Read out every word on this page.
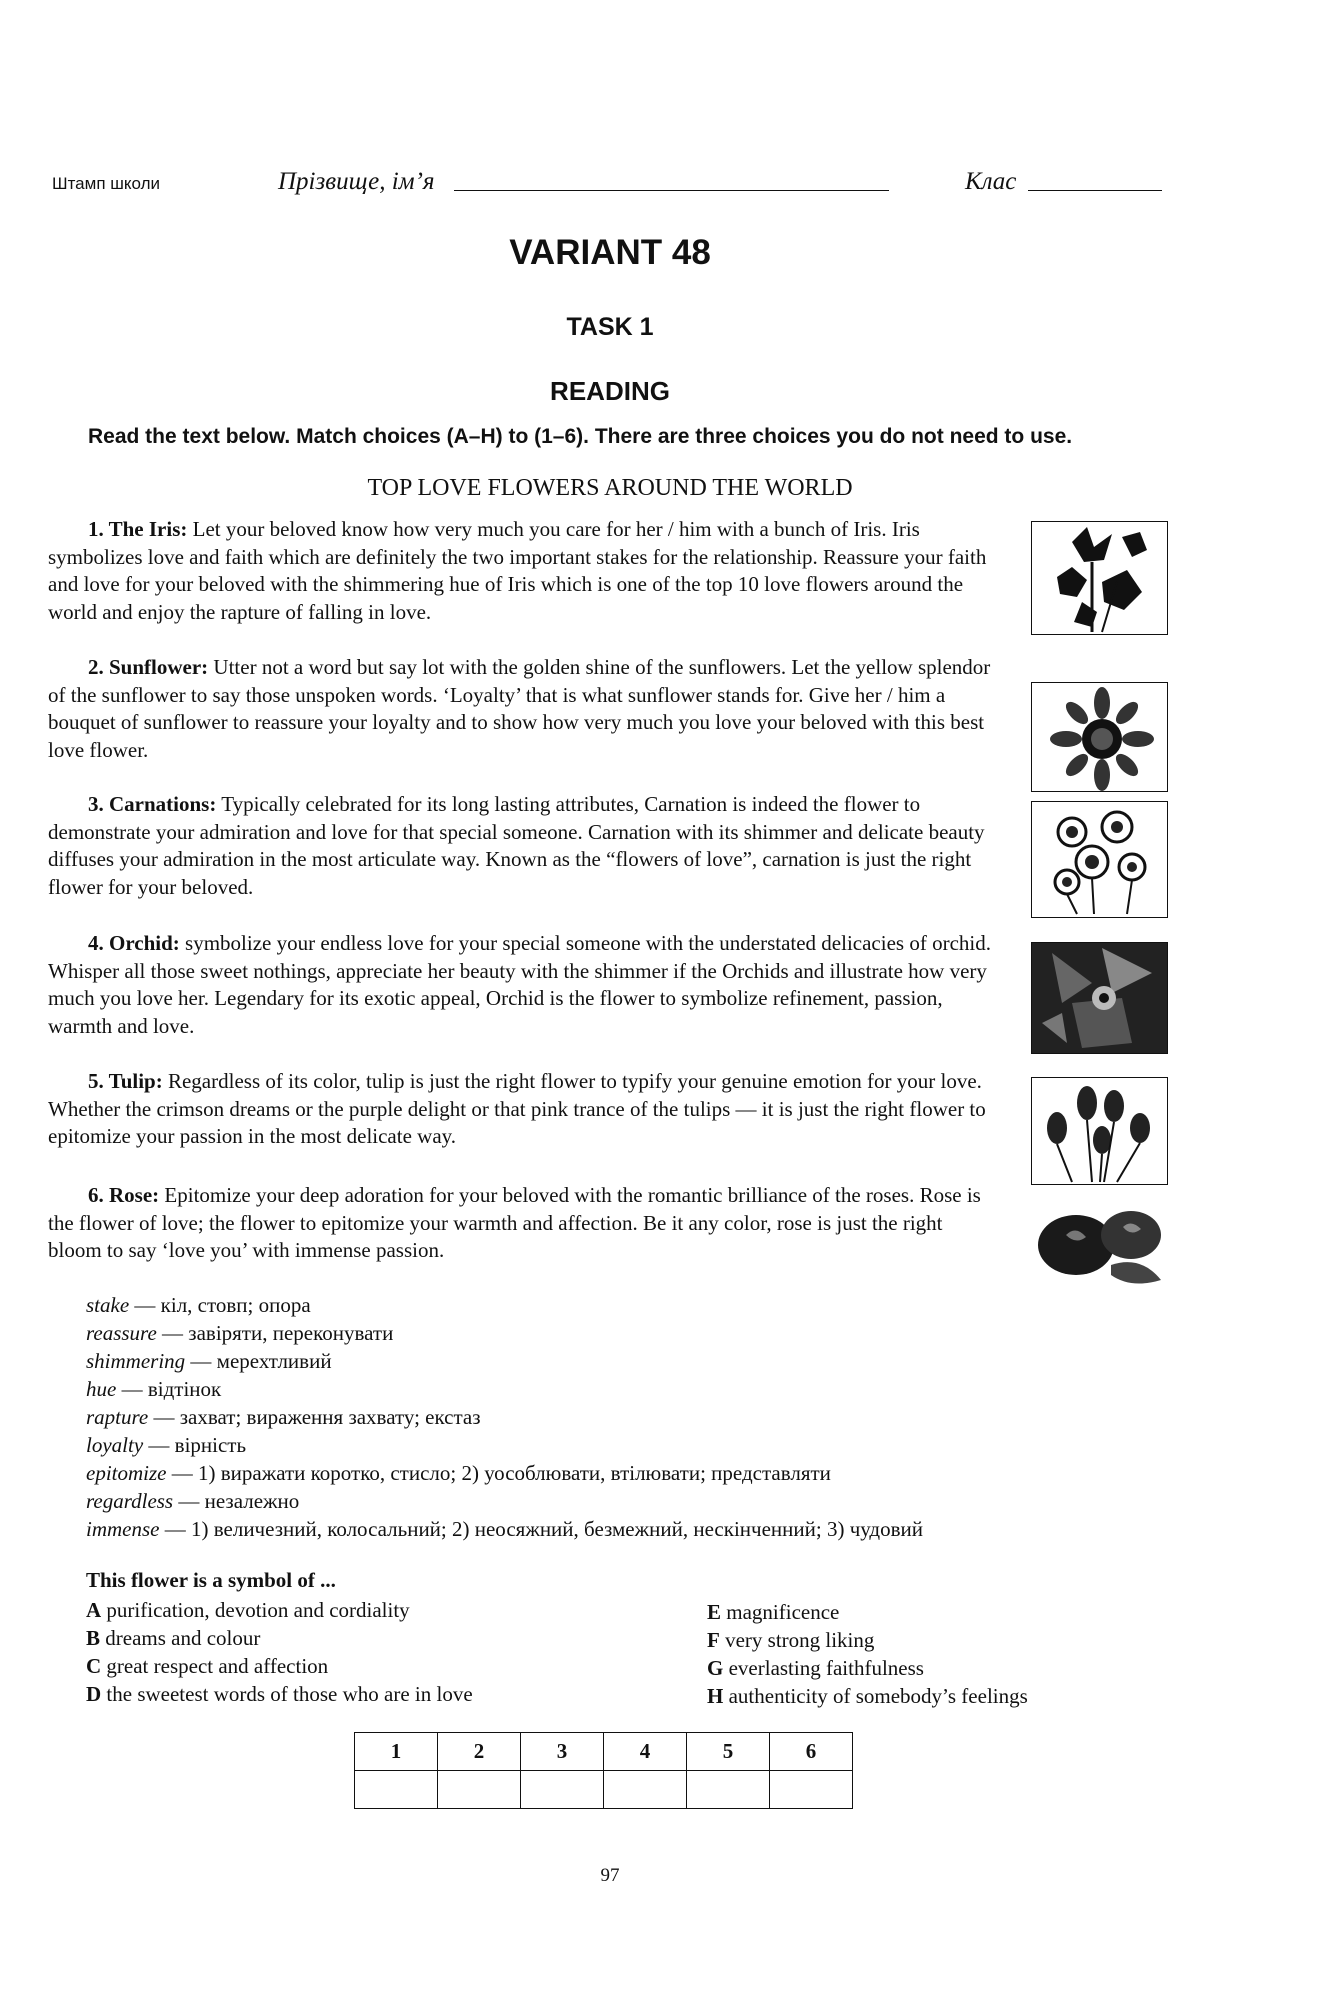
Штамп школи	Прізвище, ім’я	Клас
VARIANT 48
TASK 1
READING
Read the text below. Match choices (A–H) to (1–6). There are three choices you do not need to use.
TOP LOVE FLOWERS AROUND THE WORLD
1. The Iris: Let your beloved know how very much you care for her / him with a bunch of Iris. Iris symbolizes love and faith which are definitely the two important stakes for the relationship. Reassure your faith and love for your beloved with the shimmering hue of Iris which is one of the top 10 love flowers around the world and enjoy the rapture of falling in love.
2. Sunflower: Utter not a word but say lot with the golden shine of the sunflowers. Let the yellow splendor of the sunflower to say those unspoken words. ‘Loyalty’ that is what sunflower stands for. Give her / him a bouquet of sunflower to reassure your loyalty and to show how very much you love your beloved with this best love flower.
3. Carnations: Typically celebrated for its long lasting attributes, Carnation is indeed the flower to demonstrate your admiration and love for that special someone. Carnation with its shimmer and delicate beauty diffuses your admiration in the most articulate way. Known as the “flowers of love”, carnation is just the right flower for your beloved.
4. Orchid: symbolize your endless love for your special someone with the understated delicacies of orchid. Whisper all those sweet nothings, appreciate her beauty with the shimmer if the Orchids and illustrate how very much you love her. Legendary for its exotic appeal, Orchid is the flower to symbolize refinement, passion, warmth and love.
5. Tulip: Regardless of its color, tulip is just the right flower to typify your genuine emotion for your love. Whether the crimson dreams or the purple delight or that pink trance of the tulips — it is just the right flower to epitomize your passion in the most delicate way.
6. Rose: Epitomize your deep adoration for your beloved with the romantic brilliance of the roses. Rose is the flower of love; the flower to epitomize your warmth and affection. Be it any color, rose is just the right bloom to say ‘love you’ with immense passion.
stake — кіл, стовп; опора
reassure — завіряти, переконувати
shimmering — мерехтливий
hue — відтінок
rapture — захват; вираження захвату; екстаз
loyalty — вірність
epitomize — 1) виражати коротко, стисло; 2) уособлювати, втілювати; представляти
regardless — незалежно
immense — 1) величезний, колосальний; 2) неосяжний, безмежний, нескінченний; 3) чудовий
This flower is a symbol of ...
A purification, devotion and cordiality
B dreams and colour
C great respect and affection
D the sweetest words of those who are in love
E magnificence
F very strong liking
G everlasting faithfulness
H authenticity of somebody’s feelings
1	2	3	4	5	6

97
